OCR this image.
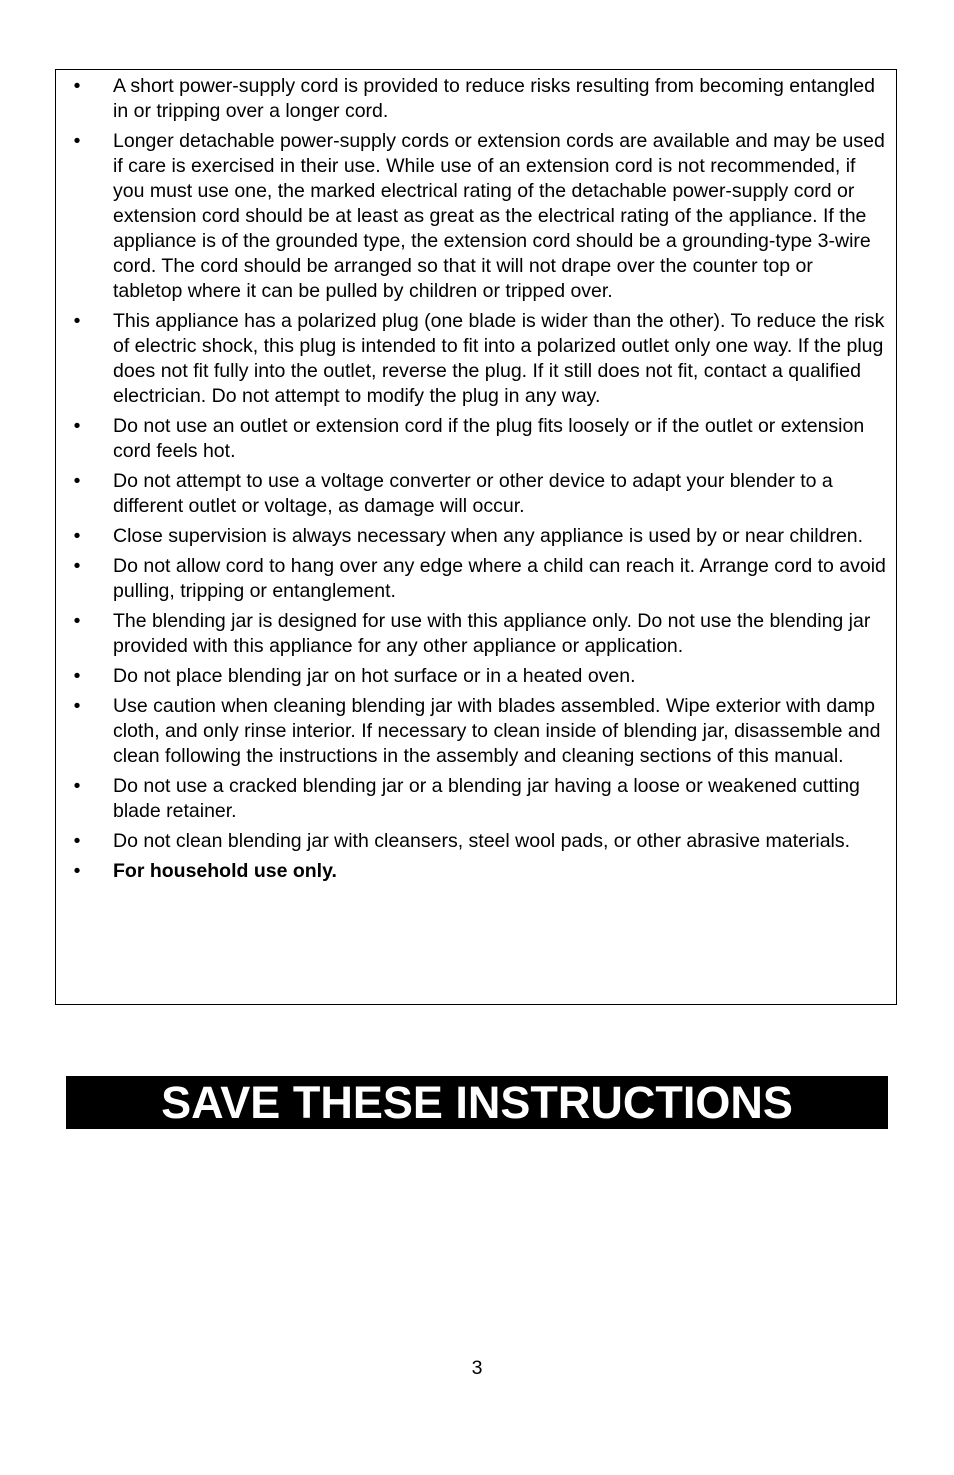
• A short power-supply cord is provided to reduce risks resulting from becoming entangled in or tripping over a longer cord.
• Longer detachable power-supply cords or extension cords are available and may be used if care is exercised in their use. While use of an extension cord is not recommended, if you must use one, the marked electrical rating of the detachable power-supply cord or extension cord should be at least as great as the electrical rating of the appliance. If the appliance is of the grounded type, the extension cord should be a grounding-type 3-wire cord. The cord should be arranged so that it will not drape over the counter top or tabletop where it can be pulled by children or tripped over.
• This appliance has a polarized plug (one blade is wider than the other). To reduce the risk of electric shock, this plug is intended to fit into a polarized outlet only one way. If the plug does not fit fully into the outlet, reverse the plug. If it still does not fit, contact a qualified electrician. Do not attempt to modify the plug in any way.
• Do not use an outlet or extension cord if the plug fits loosely or if the outlet or extension cord feels hot.
• Do not attempt to use a voltage converter or other device to adapt your blender to a different outlet or voltage, as damage will occur.
• Close supervision is always necessary when any appliance is used by or near children.
• Do not allow cord to hang over any edge where a child can reach it. Arrange cord to avoid pulling, tripping or entanglement.
• The blending jar is designed for use with this appliance only. Do not use the blending jar provided with this appliance for any other appliance or application.
• Do not place blending jar on hot surface or in a heated oven.
• Use caution when cleaning blending jar with blades assembled. Wipe exterior with damp cloth, and only rinse interior. If necessary to clean inside of blending jar, disassemble and clean following the instructions in the assembly and cleaning sections of this manual.
• Do not use a cracked blending jar or a blending jar having a loose or weakened cutting blade retainer.
• Do not clean blending jar with cleansers, steel wool pads, or other abrasive materials.
• For household use only.
SAVE THESE INSTRUCTIONS
3
